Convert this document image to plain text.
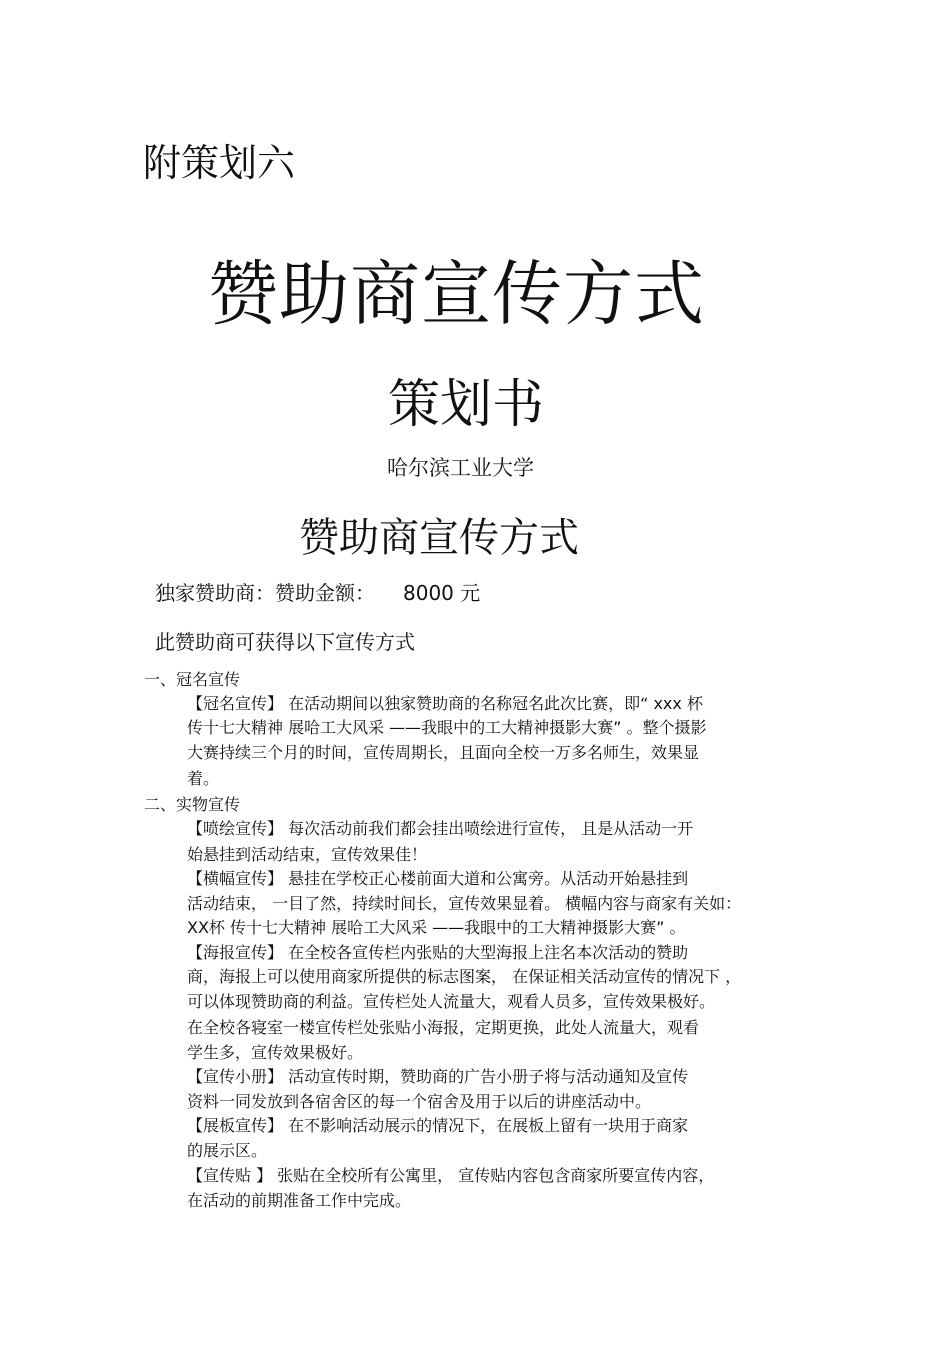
附策划六
赞助商宣传方式
策划书
哈尔滨工业大学
赞助商宣传方式
独家赞助商：赞助金额： 8000 元
此赞助商可获得以下宣传方式
一、冠名宣传
【冠名宣传】 在活动期间以独家赞助商的名称冠名此次比赛，即“ xxx 杯
传十七大精神 展哈工大风采 ——我眼中的工大精神摄影大赛” 。整个摄影
大赛持续三个月的时间，宣传周期长，且面向全校一万多名师生，效果显
着。
二、实物宣传
【喷绘宣传】 每次活动前我们都会挂出喷绘进行宣传， 且是从活动一开
始悬挂到活动结束，宣传效果佳！
【横幅宣传】 悬挂在学校正心楼前面大道和公寓旁。从活动开始悬挂到
活动结束， 一目了然，持续时间长，宣传效果显着。 横幅内容与商家有关如：
XX杯 传十七大精神 展哈工大风采 ——我眼中的工大精神摄影大赛” 。
【海报宣传】 在全校各宣传栏内张贴的大型海报上注名本次活动的赞助
商，海报上可以使用商家所提供的标志图案， 在保证相关活动宣传的情况下 ，
可以体现赞助商的利益。宣传栏处人流量大，观看人员多，宣传效果极好。
在全校各寝室一楼宣传栏处张贴小海报，定期更换，此处人流量大，观看
学生多，宣传效果极好。
【宣传小册】 活动宣传时期，赞助商的广告小册子将与活动通知及宣传
资料一同发放到各宿舍区的每一个宿舍及用于以后的讲座活动中。
【展板宣传】 在不影响活动展示的情况下，在展板上留有一块用于商家
的展示区。
【宣传贴 】 张贴在全校所有公寓里， 宣传贴内容包含商家所要宣传内容，
在活动的前期准备工作中完成。
